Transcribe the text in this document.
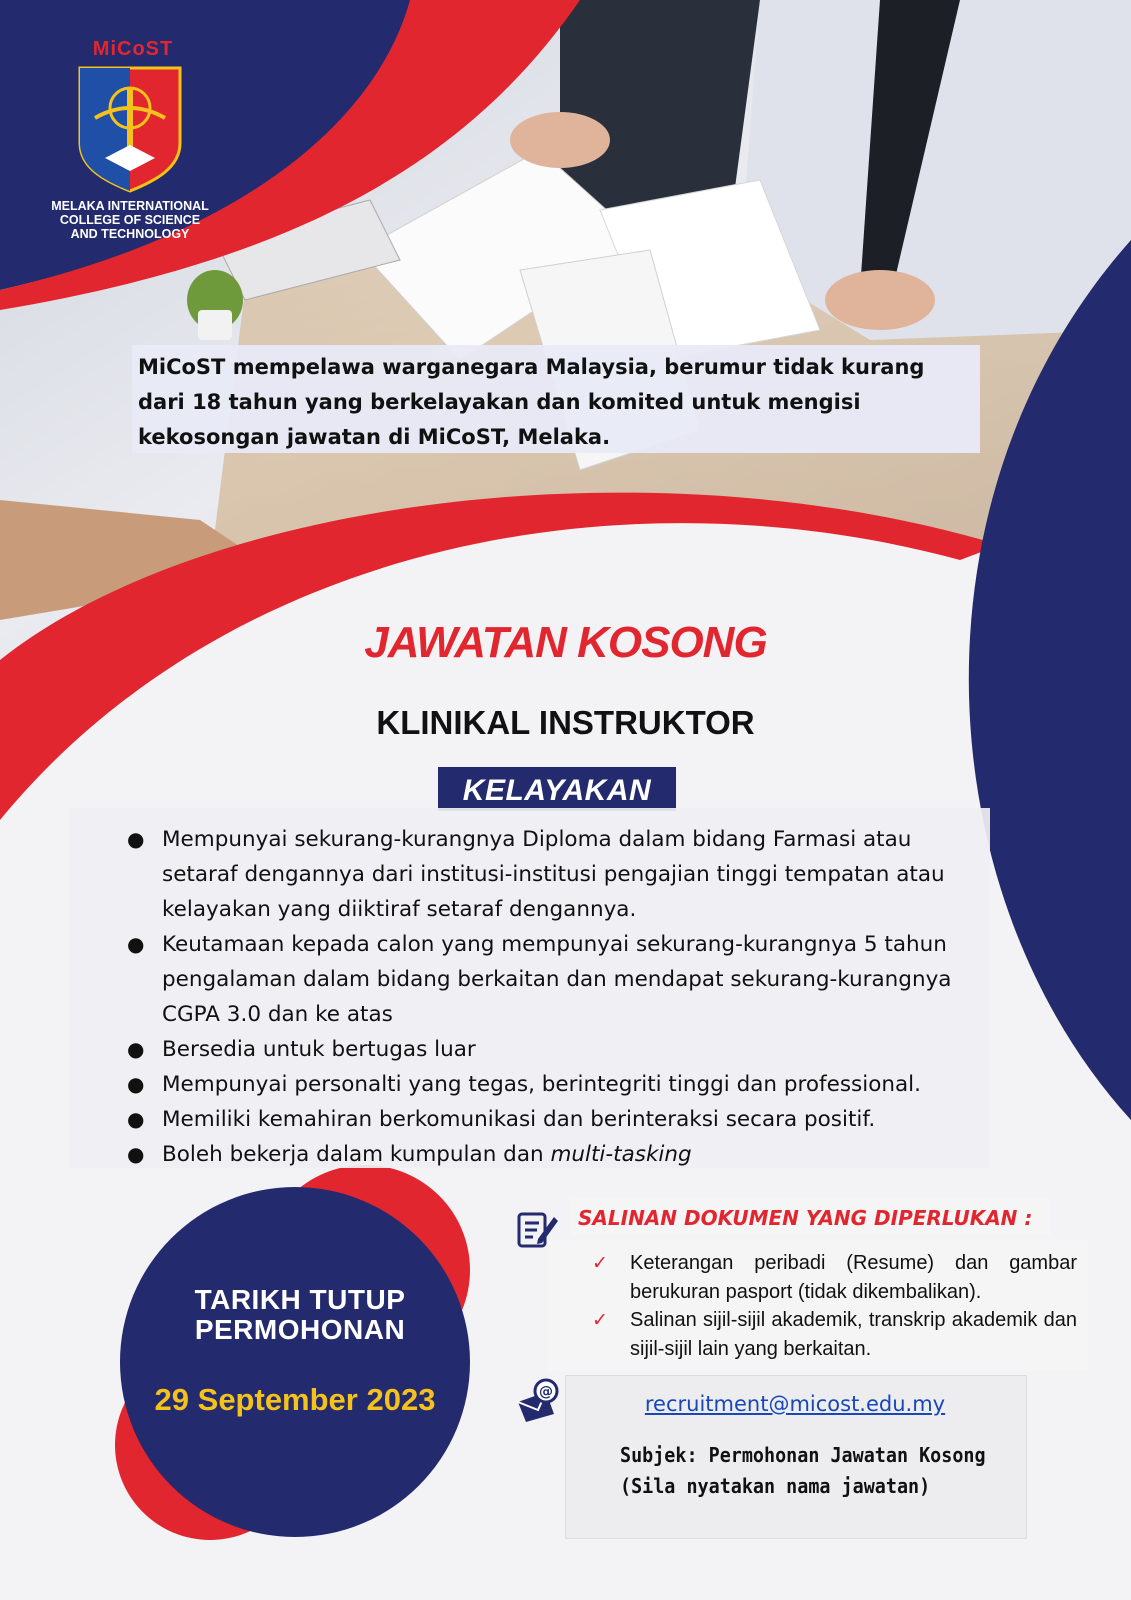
MiCoST
MELAKA INTERNATIONAL
COLLEGE OF SCIENCE
AND TECHNOLOGY
MiCoST mempelawa warganegara Malaysia, berumur tidak kurang dari 18 tahun yang berkelayakan dan komited untuk mengisi kekosongan jawatan di MiCoST, Melaka.
JAWATAN KOSONG
KLINIKAL INSTRUKTOR
KELAYAKAN
● Mempunyai sekurang-kurangnya Diploma dalam bidang Farmasi atau setaraf dengannya dari institusi-institusi pengajian tinggi tempatan atau kelayakan yang diiktiraf setaraf dengannya.
● Keutamaan kepada calon yang mempunyai sekurang-kurangnya 5 tahun pengalaman dalam bidang berkaitan dan mendapat sekurang-kurangnya CGPA 3.0 dan ke atas
● Bersedia untuk bertugas luar
● Mempunyai personalti yang tegas, berintegriti tinggi dan professional.
● Memiliki kemahiran berkomunikasi dan berinteraksi secara positif.
● Boleh bekerja dalam kumpulan dan multi-tasking
TARIKH TUTUP
PERMOHONAN
29 September 2023
SALINAN DOKUMEN YANG DIPERLUKAN :
✓ Keterangan peribadi (Resume) dan gambar berukuran pasport (tidak dikembalikan).
✓ Salinan sijil-sijil akademik, transkrip akademik dan sijil-sijil lain yang berkaitan.
@	recruitment@micost.edu.my
Subjek: Permohonan Jawatan Kosong
(Sila nyatakan nama jawatan)
